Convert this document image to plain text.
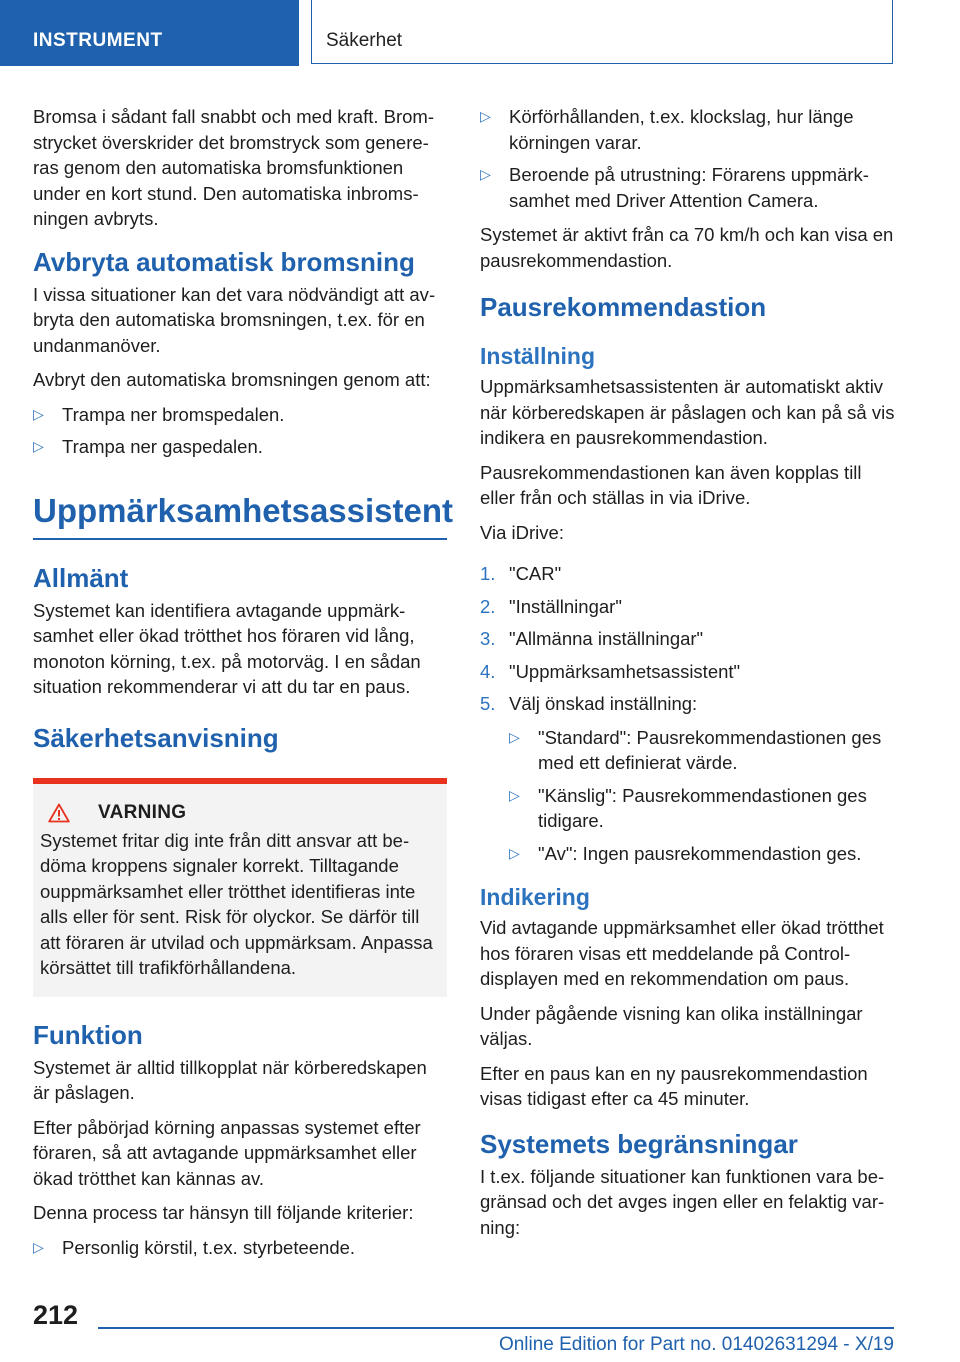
INSTRUMENT	Säkerhet

Bromsa i sådant fall snabbt och med kraft. Bromstrycket överskrider det bromstryck som genereras genom den automatiska bromsfunktionen under en kort stund. Den automatiska inbromsningen avbryts.

Avbryta automatisk bromsning

I vissa situationer kan det vara nödvändigt att avbryta den automatiska bromsningen, t.ex. för en undanmanöver.

Avbryt den automatiska bromsningen genom att:

▷ Trampa ner bromspedalen.
▷ Trampa ner gaspedalen.
Uppmärksamhetsassistent
Allmänt

Systemet kan identifiera avtagande uppmärksamhet eller ökad trötthet hos föraren vid lång, monoton körning, t.ex. på motorväg. I en sådan situation rekommenderar vi att du tar en paus.

Säkerhetsanvisning
VARNING

Systemet fritar dig inte från ditt ansvar att bedöma kroppens signaler korrekt. Tilltagande ouppmärksamhet eller trötthet identifieras inte alls eller för sent. Risk för olyckor. Se därför till att föraren är utvilad och uppmärksam. Anpassa körsättet till trafikförhållandena.

Funktion

Systemet är alltid tillkopplat när körberedskapen är påslagen.

Efter påbörjad körning anpassas systemet efter föraren, så att avtagande uppmärksamhet eller ökad trötthet kan kännas av.

Denna process tar hänsyn till följande kriterier:

▷ Personlig körstil, t.ex. styrbeteende.
▷ Körförhållanden, t.ex. klockslag, hur länge körningen varar.
▷ Beroende på utrustning: Förarens uppmärksamhet med Driver Attention Camera.

Systemet är aktivt från ca 70 km/h och kan visa en pausrekommendastion.

Pausrekommendastion
Inställning

Uppmärksamhetsassistenten är automatiskt aktiv när körberedskapen är påslagen och kan på så vis indikera en pausrekommendastion.

Pausrekommendastionen kan även kopplas till eller från och ställas in via iDrive.

Via iDrive:

1. "CAR"
2. "Inställningar"
3. "Allmänna inställningar"
4. "Uppmärksamhetsassistent"
5. Välj önskad inställning:
▷ "Standard": Pausrekommendastionen ges med ett definierat värde.
▷ "Känslig": Pausrekommendastionen ges tidigare.
▷ "Av": Ingen pausrekommendastion ges.
Indikering

Vid avtagande uppmärksamhet eller ökad trötthet hos föraren visas ett meddelande på Control-displayen med en rekommendation om paus.

Under pågående visning kan olika inställningar väljas.

Efter en paus kan en ny pausrekommendastion visas tidigast efter ca 45 minuter.

Systemets begränsningar

I t.ex. följande situationer kan funktionen vara begränsad och det avges ingen eller en felaktig varning:

212
Online Edition for Part no. 01402631294 - X/19
